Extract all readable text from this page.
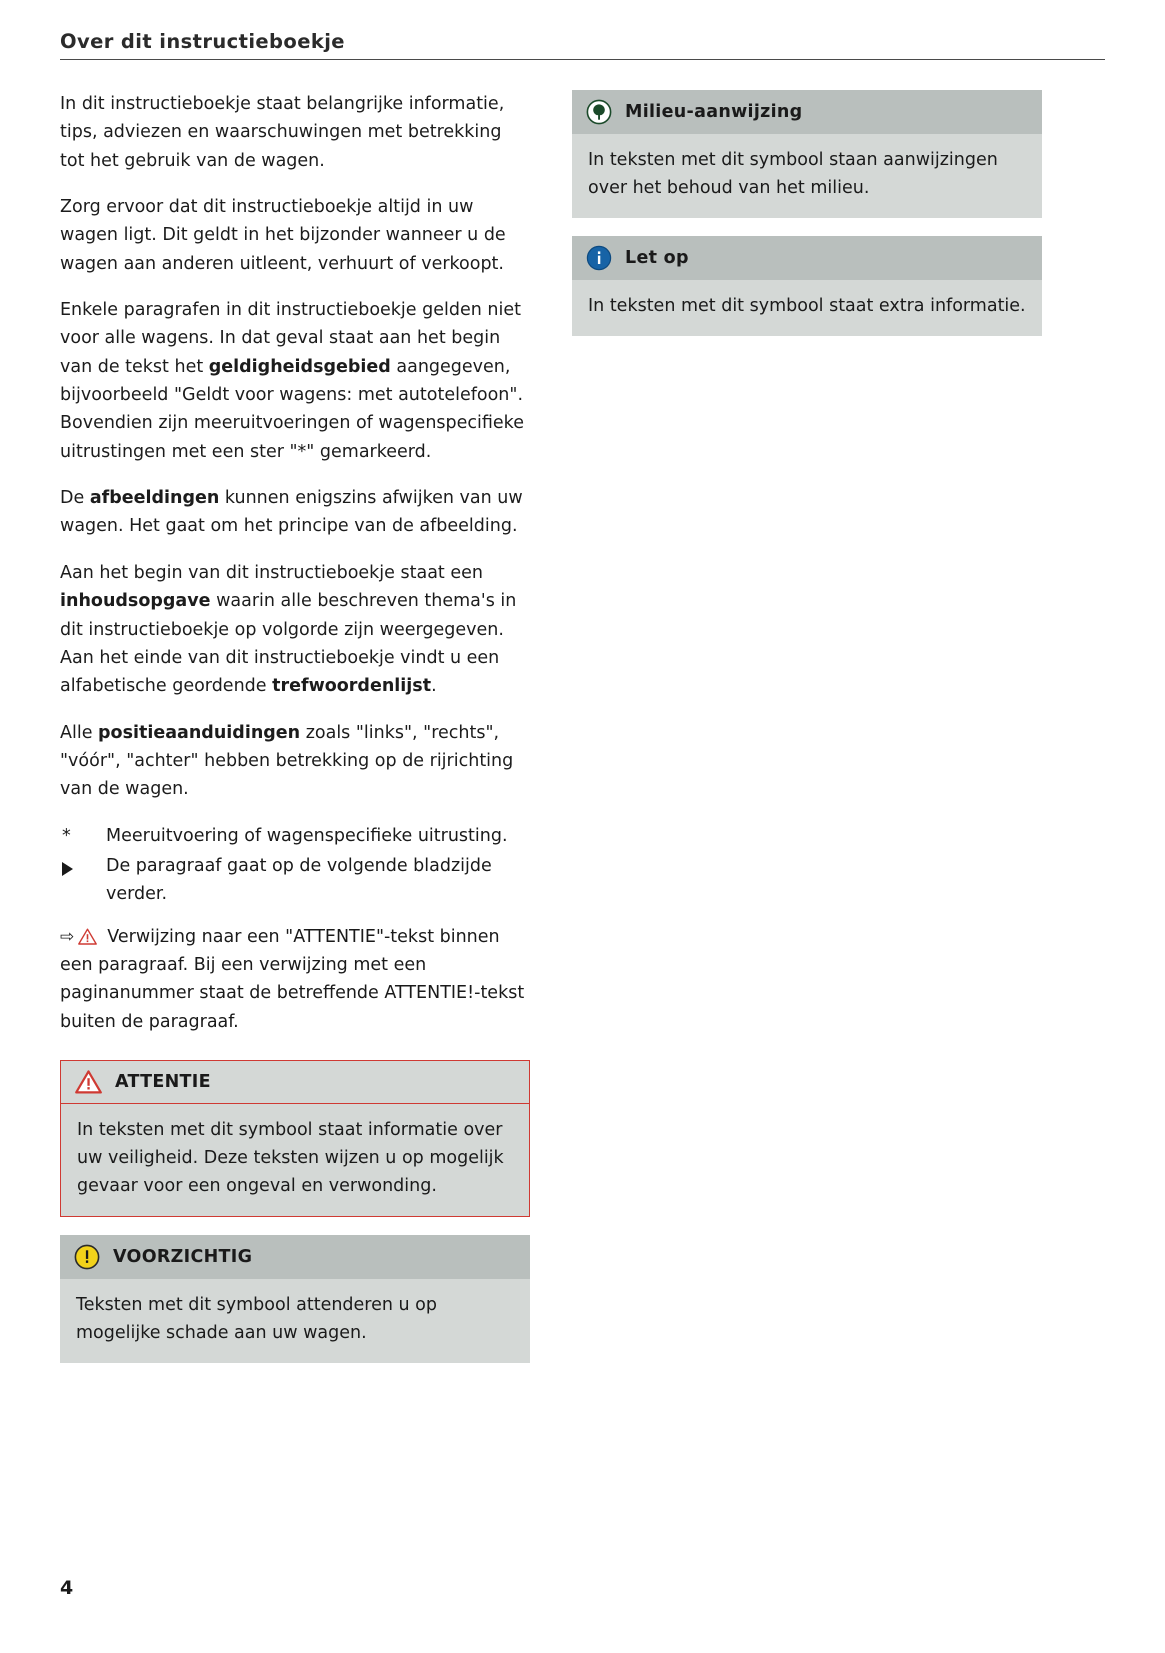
Over dit instructieboekje

In dit instructieboekje staat belangrijke informatie, tips, adviezen en waarschuwingen met betrekking tot het gebruik van de wagen.

Zorg ervoor dat dit instructieboekje altijd in uw wagen ligt. Dit geldt in het bijzonder wanneer u de wagen aan anderen uitleent, verhuurt of verkoopt.

Enkele paragrafen in dit instructieboekje gelden niet voor alle wagens. In dat geval staat aan het begin van de tekst het geldigheidsgebied aangegeven, bijvoorbeeld "Geldt voor wagens: met autotelefoon". Bovendien zijn meeruitvoeringen of wagenspecifieke uitrustingen met een ster "*" gemarkeerd.

De afbeeldingen kunnen enigszins afwijken van uw wagen. Het gaat om het principe van de afbeelding.

Aan het begin van dit instructieboekje staat een inhoudsopgave waarin alle beschreven thema's in dit instructieboekje op volgorde zijn weergegeven. Aan het einde van dit instructieboekje vindt u een alfabetische geordende trefwoordenlijst.

Alle positieaanduidingen zoals "links", "rechts", "vóór", "achter" hebben betrekking op de rijrichting van de wagen.

*	Meeruitvoering of wagenspecifieke uitrusting.
De paragraaf gaat op de volgende bladzijde verder.
⇨ Verwijzing naar een "ATTENTIE"-tekst binnen een paragraaf. Bij een verwijzing met een paginanummer staat de betreffende ATTENTIE!-tekst buiten de paragraaf.
ATTENTIE
In teksten met dit symbool staat informatie over uw veiligheid. Deze teksten wijzen u op mogelijk gevaar voor een ongeval en verwonding.
VOORZICHTIG
Teksten met dit symbool attenderen u op mogelijke schade aan uw wagen.
Milieu-aanwijzing
In teksten met dit symbool staan aanwijzingen over het behoud van het milieu.
Let op
In teksten met dit symbool staat extra informatie.
4
